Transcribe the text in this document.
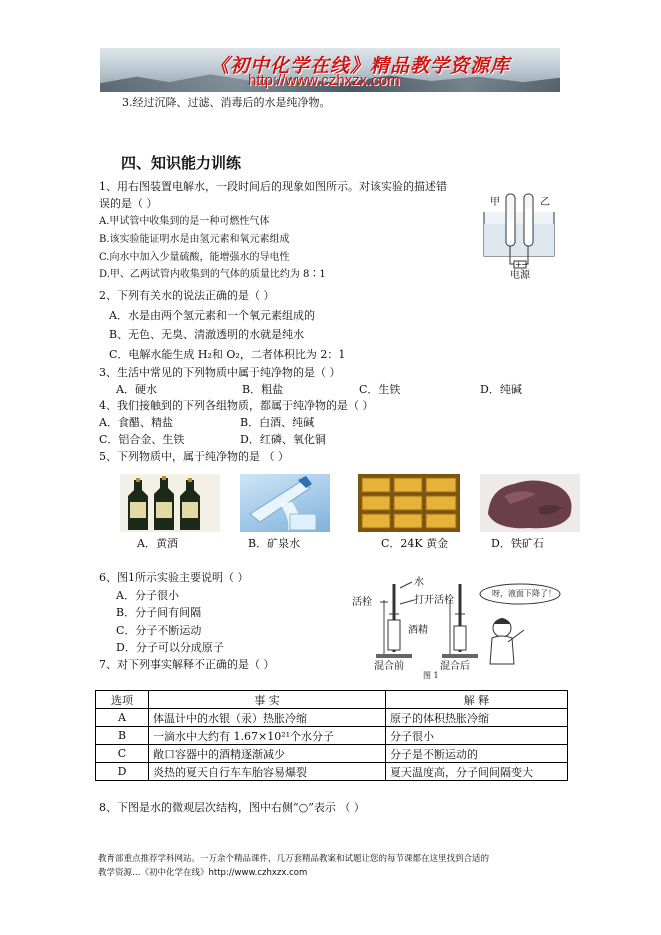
《初中化学在线》精品教学资源库
http://www.czhxzx.com
3.经过沉降、过滤、消毒后的水是纯净物。
四、知识能力训练
1、用右图装置电解水，一段时间后的现象如图所示。对该实验的描述错
误的是（ ）
A.甲试管中收集到的是一种可燃性气体
B.该实验能证明水是由氢元素和氧元素组成
C.向水中加入少量硫酸，能增强水的导电性
D.甲、乙两试管内收集到的气体的质量比约为 8∶1
甲	乙
+ −
电源
2、下列有关水的说法正确的是（ ）
A．水是由两个氢元素和一个氧元素组成的
B、无色、无臭、清澈透明的水就是纯水
C．电解水能生成 H₂和 O₂，二者体积比为 2：1
3、生活中常见的下列物质中属于纯净物的是（ ）
A．硬水	B．粗盐	C．生铁	D．纯碱
4、我们接触到的下列各组物质，都属于纯净物的是（ ）
A．食醋、精盐	B．白酒、纯碱
C．铝合金、生铁	D．红磷、氧化铜
5、下列物质中，属于纯净物的是 （ ）
A．黄酒	B．矿泉水	C．24K 黄金	D．铁矿石
6、图1所示实验主要说明（ ）
A．分子很小
B．分子间有间隔
C．分子不断运动
D．分子可以分成原子
水
活栓	打开活栓
酒精
混合前	混合后
呀，液面下降了！
图 1
7、对下列事实解释不正确的是（ ）
选项	事 实	解 释
A	体温计中的水银（汞）热胀冷缩	原子的体积热胀冷缩
B	一滴水中大约有 1.67×10²¹个水分子	分子很小
C	敞口容器中的酒精逐渐减少	分子是不断运动的
D	炎热的夏天自行车车胎容易爆裂	夏天温度高，分子间间隔变大
8、下图是水的微观层次结构，图中右侧“○”表示 （ ）
教育部重点推荐学科网站。一万余个精品课件，几万套精品教案和试题让您的每节课都在这里找到合适的
教学资源…《初中化学在线》http://www.czhxzx.com
